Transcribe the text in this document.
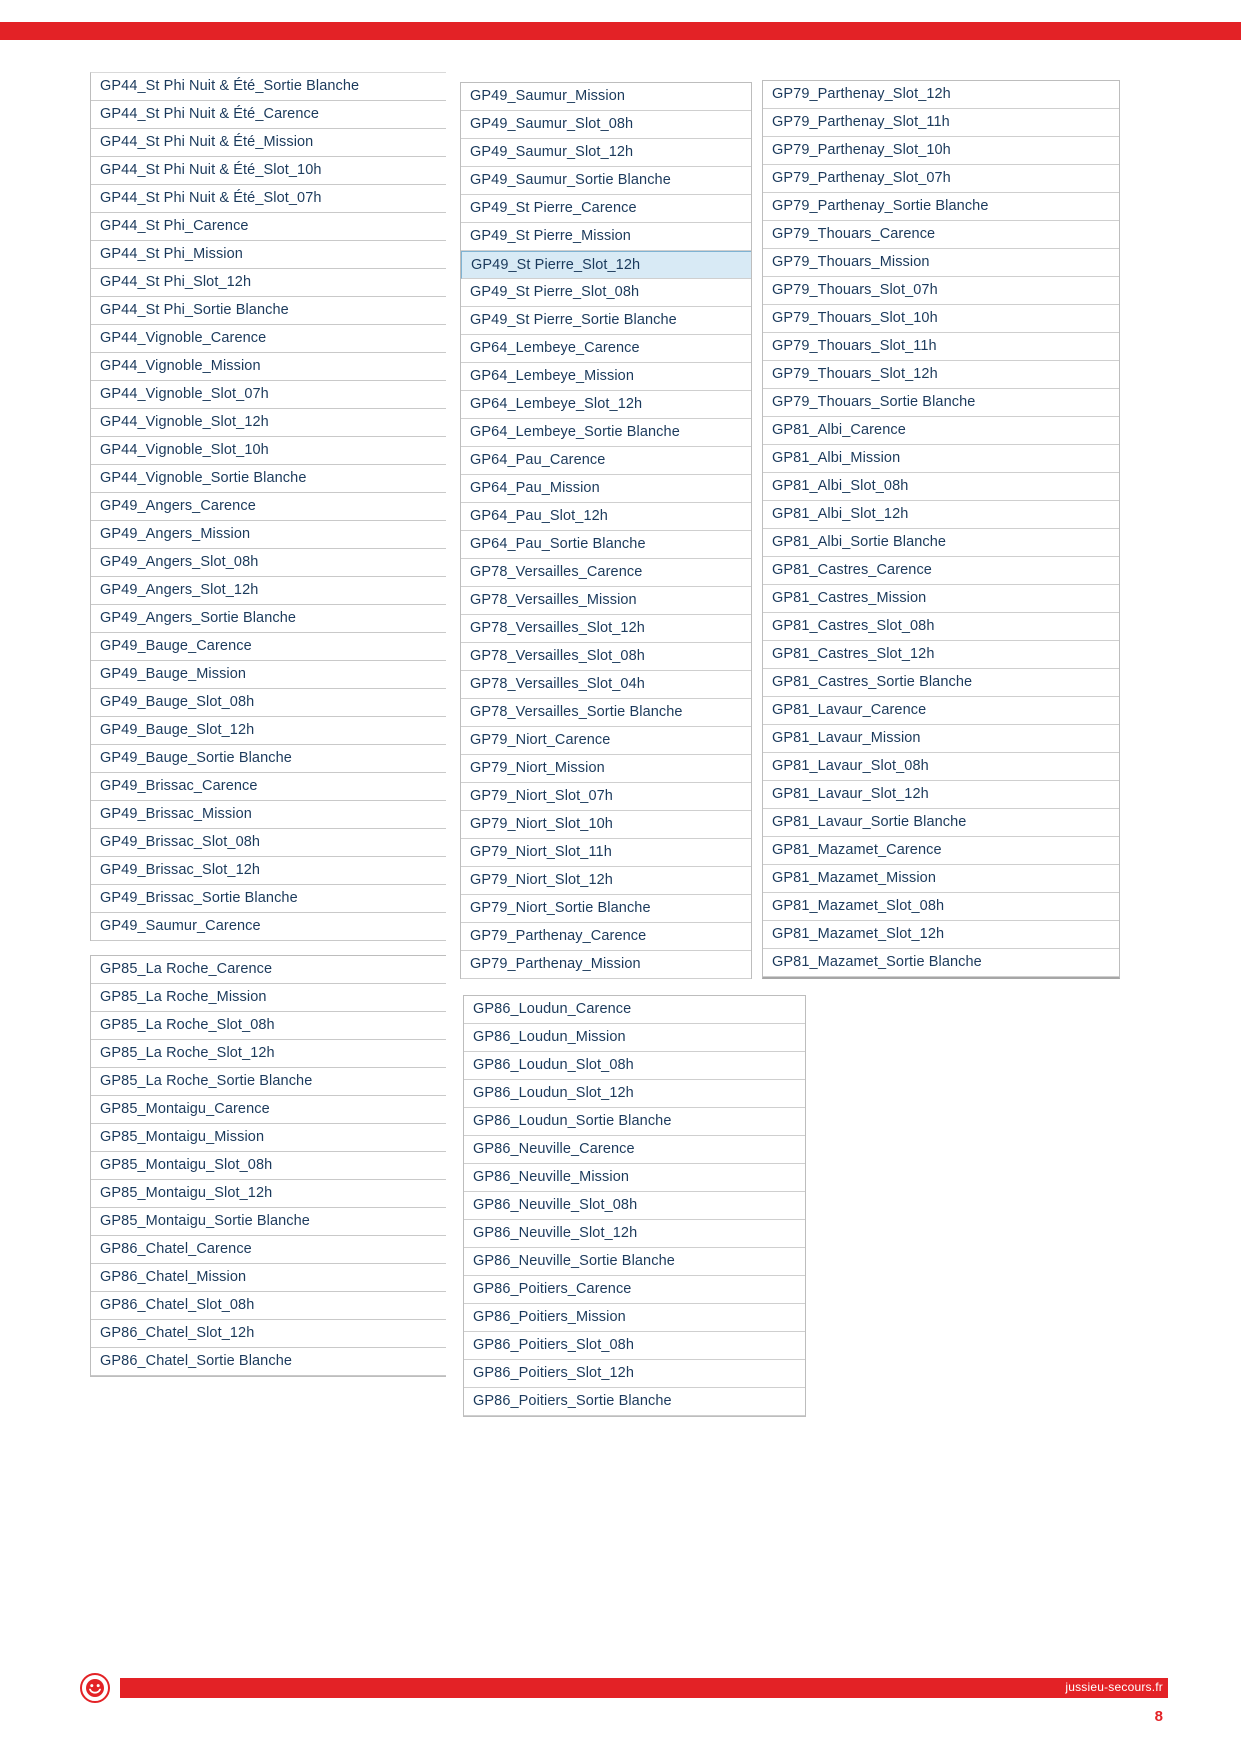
GP44_St Phi Nuit & Été_Sortie Blanche
GP44_St Phi Nuit & Été_Carence
GP44_St Phi Nuit & Été_Mission
GP44_St Phi Nuit & Été_Slot_10h
GP44_St Phi Nuit & Été_Slot_07h
GP44_St Phi_Carence
GP44_St Phi_Mission
GP44_St Phi_Slot_12h
GP44_St Phi_Sortie Blanche
GP44_Vignoble_Carence
GP44_Vignoble_Mission
GP44_Vignoble_Slot_07h
GP44_Vignoble_Slot_12h
GP44_Vignoble_Slot_10h
GP44_Vignoble_Sortie Blanche
GP49_Angers_Carence
GP49_Angers_Mission
GP49_Angers_Slot_08h
GP49_Angers_Slot_12h
GP49_Angers_Sortie Blanche
GP49_Bauge_Carence
GP49_Bauge_Mission
GP49_Bauge_Slot_08h
GP49_Bauge_Slot_12h
GP49_Bauge_Sortie Blanche
GP49_Brissac_Carence
GP49_Brissac_Mission
GP49_Brissac_Slot_08h
GP49_Brissac_Slot_12h
GP49_Brissac_Sortie Blanche
GP49_Saumur_Carence
GP85_La Roche_Carence
GP85_La Roche_Mission
GP85_La Roche_Slot_08h
GP85_La Roche_Slot_12h
GP85_La Roche_Sortie Blanche
GP85_Montaigu_Carence
GP85_Montaigu_Mission
GP85_Montaigu_Slot_08h
GP85_Montaigu_Slot_12h
GP85_Montaigu_Sortie Blanche
GP86_Chatel_Carence
GP86_Chatel_Mission
GP86_Chatel_Slot_08h
GP86_Chatel_Slot_12h
GP86_Chatel_Sortie Blanche
GP49_Saumur_Mission
GP49_Saumur_Slot_08h
GP49_Saumur_Slot_12h
GP49_Saumur_Sortie Blanche
GP49_St Pierre_Carence
GP49_St Pierre_Mission
GP49_St Pierre_Slot_12h
GP49_St Pierre_Slot_08h
GP49_St Pierre_Sortie Blanche
GP64_Lembeye_Carence
GP64_Lembeye_Mission
GP64_Lembeye_Slot_12h
GP64_Lembeye_Sortie Blanche
GP64_Pau_Carence
GP64_Pau_Mission
GP64_Pau_Slot_12h
GP64_Pau_Sortie Blanche
GP78_Versailles_Carence
GP78_Versailles_Mission
GP78_Versailles_Slot_12h
GP78_Versailles_Slot_08h
GP78_Versailles_Slot_04h
GP78_Versailles_Sortie Blanche
GP79_Niort_Carence
GP79_Niort_Mission
GP79_Niort_Slot_07h
GP79_Niort_Slot_10h
GP79_Niort_Slot_11h
GP79_Niort_Slot_12h
GP79_Niort_Sortie Blanche
GP79_Parthenay_Carence
GP79_Parthenay_Mission
GP86_Loudun_Carence
GP86_Loudun_Mission
GP86_Loudun_Slot_08h
GP86_Loudun_Slot_12h
GP86_Loudun_Sortie Blanche
GP86_Neuville_Carence
GP86_Neuville_Mission
GP86_Neuville_Slot_08h
GP86_Neuville_Slot_12h
GP86_Neuville_Sortie Blanche
GP86_Poitiers_Carence
GP86_Poitiers_Mission
GP86_Poitiers_Slot_08h
GP86_Poitiers_Slot_12h
GP86_Poitiers_Sortie Blanche
GP79_Parthenay_Slot_12h
GP79_Parthenay_Slot_11h
GP79_Parthenay_Slot_10h
GP79_Parthenay_Slot_07h
GP79_Parthenay_Sortie Blanche
GP79_Thouars_Carence
GP79_Thouars_Mission
GP79_Thouars_Slot_07h
GP79_Thouars_Slot_10h
GP79_Thouars_Slot_11h
GP79_Thouars_Slot_12h
GP79_Thouars_Sortie Blanche
GP81_Albi_Carence
GP81_Albi_Mission
GP81_Albi_Slot_08h
GP81_Albi_Slot_12h
GP81_Albi_Sortie Blanche
GP81_Castres_Carence
GP81_Castres_Mission
GP81_Castres_Slot_08h
GP81_Castres_Slot_12h
GP81_Castres_Sortie Blanche
GP81_Lavaur_Carence
GP81_Lavaur_Mission
GP81_Lavaur_Slot_08h
GP81_Lavaur_Slot_12h
GP81_Lavaur_Sortie Blanche
GP81_Mazamet_Carence
GP81_Mazamet_Mission
GP81_Mazamet_Slot_08h
GP81_Mazamet_Slot_12h
GP81_Mazamet_Sortie Blanche
jussieu-secours.fr
8
